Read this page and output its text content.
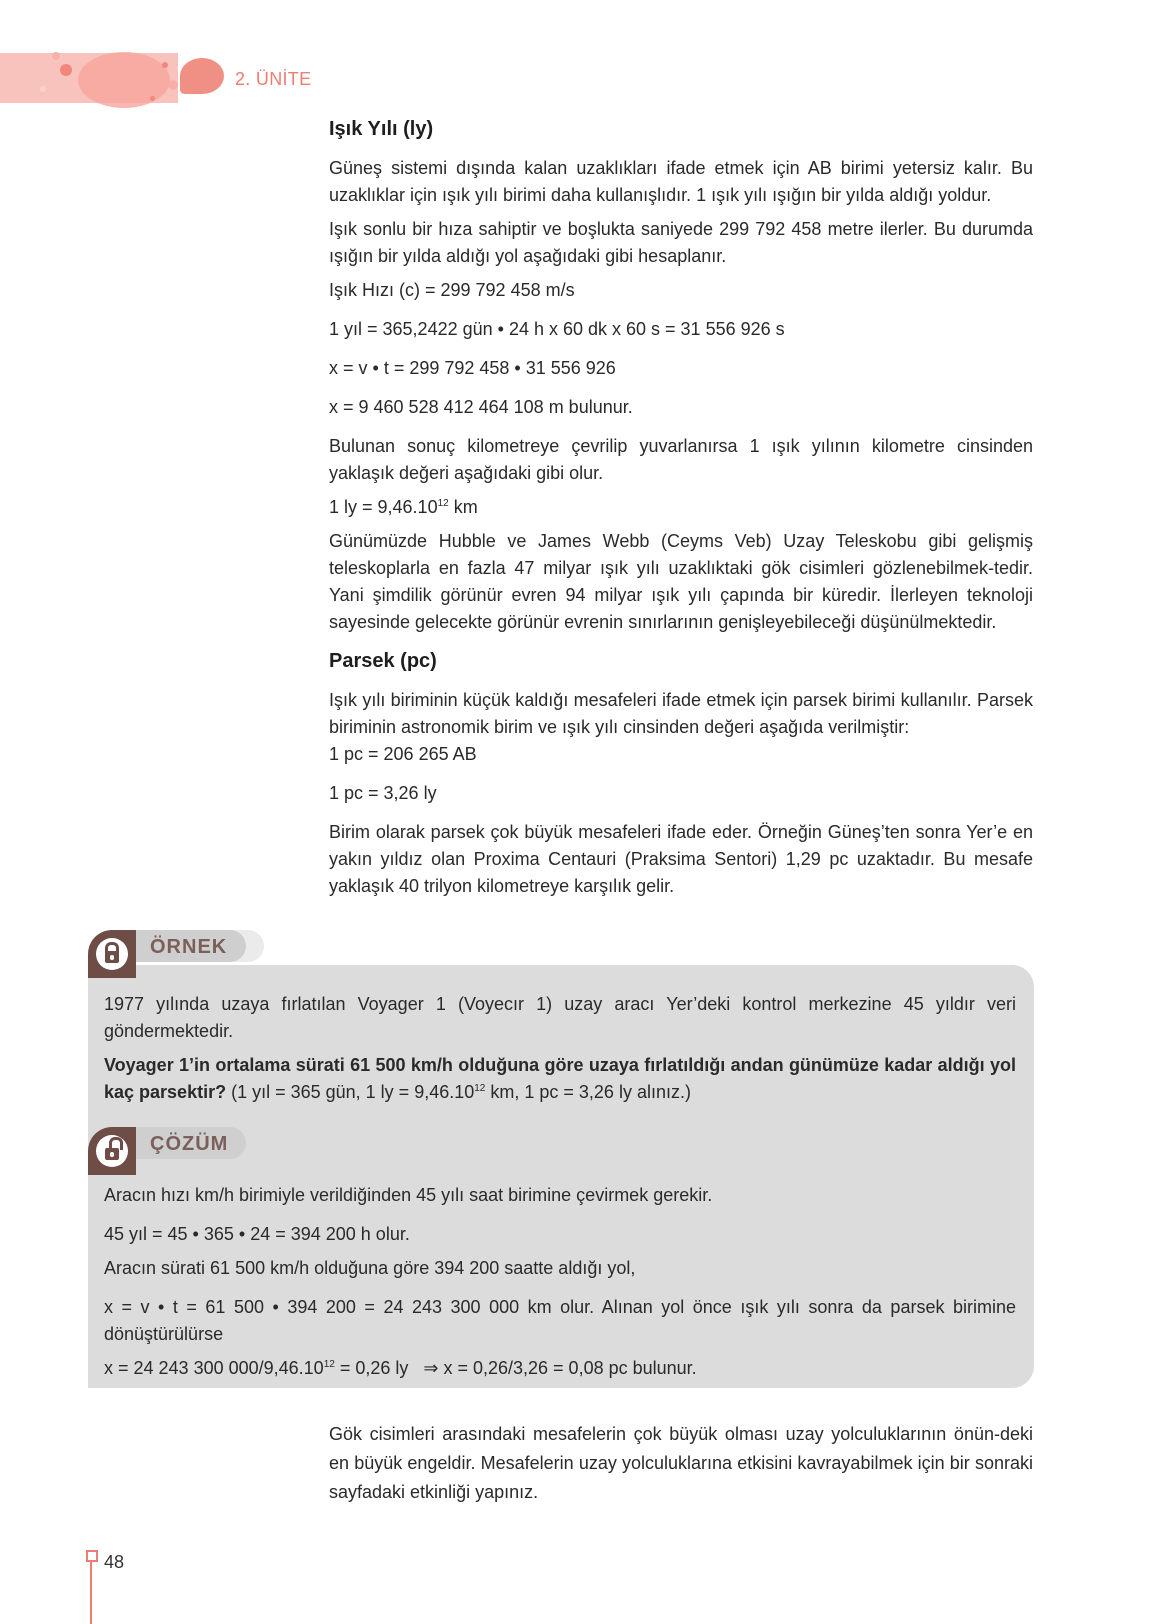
2. ÜNİTE
Işık Yılı (ly)

Güneş sistemi dışında kalan uzaklıkları ifade etmek için AB birimi yetersiz kalır. Bu uzaklıklar için ışık yılı birimi daha kullanışlıdır. 1 ışık yılı ışığın bir yılda aldığı yoldur.

Işık sonlu bir hıza sahiptir ve boşlukta saniyede 299 792 458 metre ilerler. Bu durumda ışığın bir yılda aldığı yol aşağıdaki gibi hesaplanır.

Işık Hızı (c) = 299 792 458 m/s

1 yıl = 365,2422 gün • 24 h x 60 dk x 60 s = 31 556 926 s

x = v • t = 299 792 458 • 31 556 926

x = 9 460 528 412 464 108 m bulunur.

Bulunan sonuç kilometreye çevrilip yuvarlanırsa 1 ışık yılının kilometre cinsinden yaklaşık değeri aşağıdaki gibi olur.

1 ly = $9,46.10^{12}$ km

Günümüzde Hubble ve James Webb (Ceyms Veb) Uzay Teleskobu gibi gelişmiş teleskoplarla en fazla 47 milyar ışık yılı uzaklıktaki gök cisimleri gözlenebilmek-tedir. Yani şimdilik görünür evren 94 milyar ışık yılı çapında bir küredir. İlerleyen teknoloji sayesinde gelecekte görünür evrenin sınırlarının genişleyebileceği düşünülmektedir.

Parsek (pc)

Işık yılı biriminin küçük kaldığı mesafeleri ifade etmek için parsek birimi kullanılır. Parsek biriminin astronomik birim ve ışık yılı cinsinden değeri aşağıda verilmiştir:

1 pc = 206 265 AB

1 pc = 3,26 ly

Birim olarak parsek çok büyük mesafeleri ifade eder. Örneğin Güneş’ten sonra Yer’e en yakın yıldız olan Proxima Centauri (Praksima Sentori) 1,29 pc uzaktadır. Bu mesafe yaklaşık 40 trilyon kilometreye karşılık gelir.

ÖRNEK

1977 yılında uzaya fırlatılan Voyager 1 (Voyecır 1) uzay aracı Yer’deki kontrol merkezine 45 yıldır veri göndermektedir.

Voyager 1’in ortalama sürati 61 500 km/h olduğuna göre uzaya fırlatıldığı andan günümüze kadar aldığı yol kaç parsektir? (1 yıl = 365 gün, 1 ly = $9,46.10^{12}$ km, 1 pc = 3,26 ly alınız.)

ÇÖZÜM

Aracın hızı km/h birimiyle verildiğinden 45 yılı saat birimine çevirmek gerekir.

45 yıl = 45 • 365 • 24 = 394 200 h olur.

Aracın sürati 61 500 km/h olduğuna göre 394 200 saatte aldığı yol,

x = v • t = 61 500 • 394 200 = 24 243 300 000 km olur. Alınan yol önce ışık yılı sonra da parsek birimine dönüştürülürse

x = 24 243 300 $000/9,46.10^{12} = 0,26$ ly   ⇒ x = 0,26/3,26 = 0,08 pc bulunur.

Gök cisimleri arasındaki mesafelerin çok büyük olması uzay yolculuklarının önün-deki en büyük engeldir. Mesafelerin uzay yolculuklarına etkisini kavrayabilmek için bir sonraki sayfadaki etkinliği yapınız.

48
